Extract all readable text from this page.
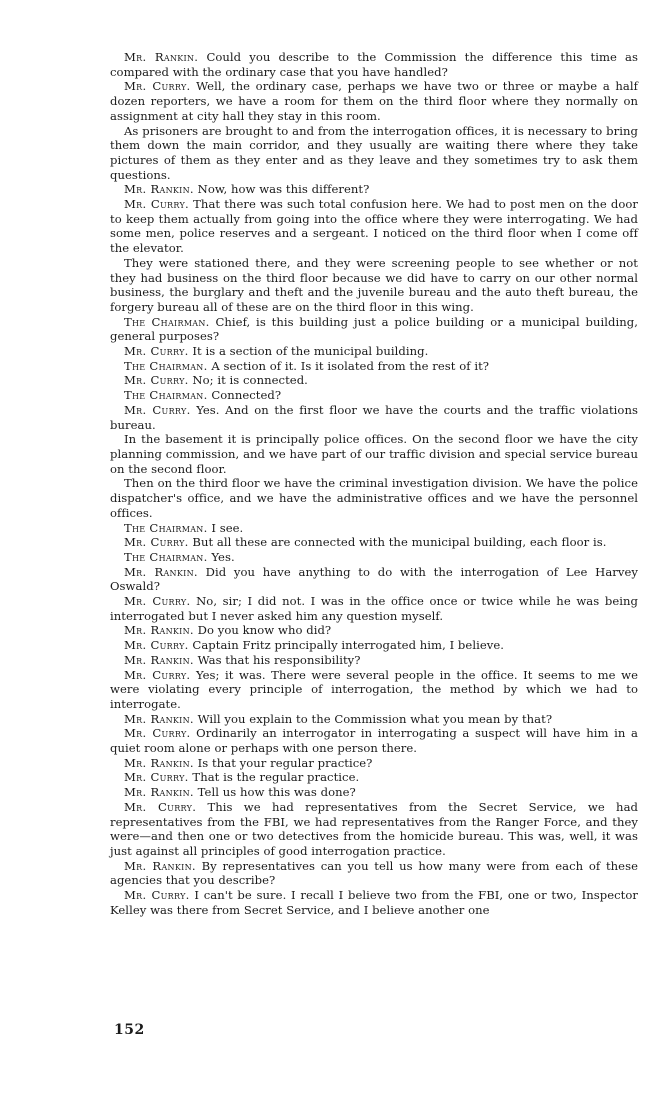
Mr. Rankin. Could you describe to the Commission the difference this time as compared with the ordinary case that you have handled?

Mr. Curry. Well, the ordinary case, perhaps we have two or three or maybe a half dozen reporters, we have a room for them on the third floor where they normally on assignment at city hall they stay in this room.

As prisoners are brought to and from the interrogation offices, it is necessary to bring them down the main corridor, and they usually are waiting there where they take pictures of them as they enter and as they leave and they sometimes try to ask them questions.

Mr. Rankin. Now, how was this different?

Mr. Curry. That there was such total confusion here. We had to post men on the door to keep them actually from going into the office where they were interrogating. We had some men, police reserves and a sergeant. I noticed on the third floor when I come off the elevator.

They were stationed there, and they were screening people to see whether or not they had business on the third floor because we did have to carry on our other normal business, the burglary and theft and the juvenile bureau and the auto theft bureau, the forgery bureau all of these are on the third floor in this wing.

The Chairman. Chief, is this building just a police building or a municipal building, general purposes?

Mr. Curry. It is a section of the municipal building.

The Chairman. A section of it. Is it isolated from the rest of it?

Mr. Curry. No; it is connected.

The Chairman. Connected?

Mr. Curry. Yes. And on the first floor we have the courts and the traffic violations bureau.

In the basement it is principally police offices. On the second floor we have the city planning commission, and we have part of our traffic division and special service bureau on the second floor.

Then on the third floor we have the criminal investigation division. We have the police dispatcher's office, and we have the administrative offices and we have the personnel offices.

The Chairman. I see.

Mr. Curry. But all these are connected with the municipal building, each floor is.

The Chairman. Yes.

Mr. Rankin. Did you have anything to do with the interrogation of Lee Harvey Oswald?

Mr. Curry. No, sir; I did not. I was in the office once or twice while he was being interrogated but I never asked him any question myself.

Mr. Rankin. Do you know who did?

Mr. Curry. Captain Fritz principally interrogated him, I believe.

Mr. Rankin. Was that his responsibility?

Mr. Curry. Yes; it was. There were several people in the office. It seems to me we were violating every principle of interrogation, the method by which we had to interrogate.

Mr. Rankin. Will you explain to the Commission what you mean by that?

Mr. Curry. Ordinarily an interrogator in interrogating a suspect will have him in a quiet room alone or perhaps with one person there.

Mr. Rankin. Is that your regular practice?

Mr. Curry. That is the regular practice.

Mr. Rankin. Tell us how this was done?

Mr. Curry. This we had representatives from the Secret Service, we had representatives from the FBI, we had representatives from the Ranger Force, and they were—and then one or two detectives from the homicide bureau. This was, well, it was just against all principles of good interrogation practice.

Mr. Rankin. By representatives can you tell us how many were from each of these agencies that you describe?

Mr. Curry. I can't be sure. I recall I believe two from the FBI, one or two, Inspector Kelley was there from Secret Service, and I believe another one

152
